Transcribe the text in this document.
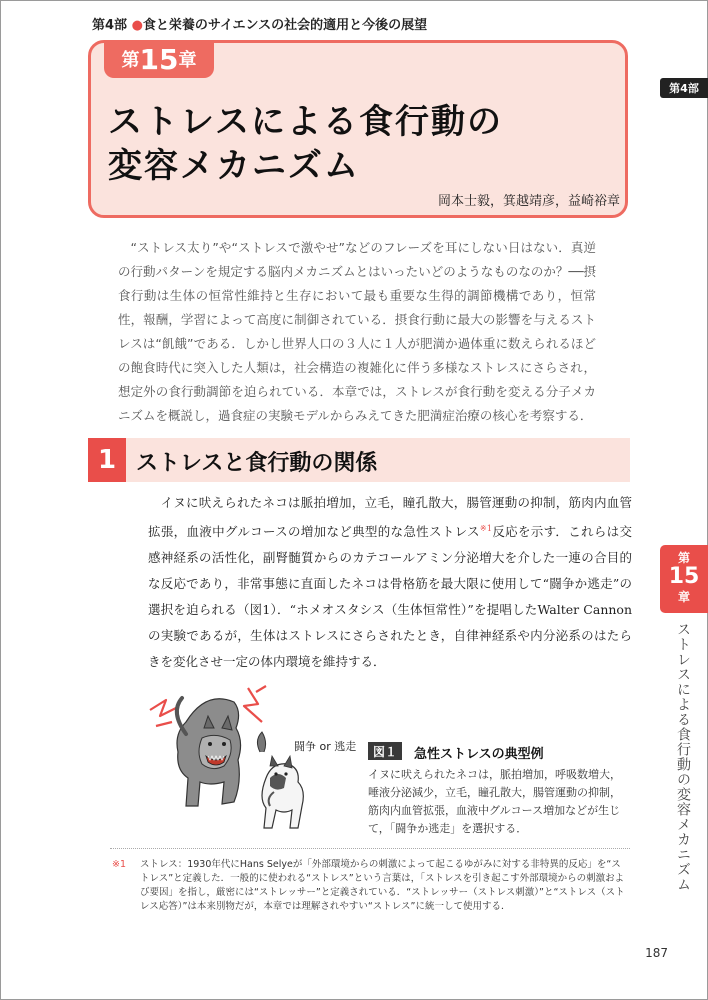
第4部 ●食と栄養のサイエンスの社会的適用と今後の展望
第 15 章
ストレスによる食行動の
変容メカニズム
岡本士毅，箕越靖彦，益崎裕章
第4部
第
15
章
ストレスによる食行動の変容メカニズム

“ストレス太り”や“ストレスで激やせ”などのフレーズを耳にしない日はない．真逆の行動パターンを規定する脳内メカニズムとはいったいどのようなものなのか？──摂食行動は生体の恒常性維持と生存において最も重要な生得的調節機構であり，恒常性，報酬，学習によって高度に制御されている．摂食行動に最大の影響を与えるストレスは“飢餓”である．しかし世界人口の３人に１人が肥満か過体重に数えられるほどの飽食時代に突入した人類は，社会構造の複雑化に伴う多様なストレスにさらされ，想定外の食行動調節を迫られている．本章では，ストレスが食行動を変える分子メカニズムを概説し，過食症の実験モデルからみえてきた肥満症治療の核心を考察する．

1 ストレスと食行動の関係

イヌに吠えられたネコは脈拍増加，立毛，瞳孔散大，腸管運動の抑制，筋肉内血管拡張，血液中グルコースの増加など典型的な急性ストレス$^{※1}$反応を示す．これらは交感神経系の活性化，副腎髄質からのカテコールアミン分泌増大を介した一連の合目的な反応であり，非常事態に直面したネコは骨格筋を最大限に使用して“闘争か逃走”の選択を迫られる（図1）．“ホメオスタシス（生体恒常性）”を提唱したWalter Cannonの実験であるが，生体はストレスにさらされたとき，自律神経系や内分泌系のはたらきを変化させ一定の体内環境を維持する．

闘争 or 逃走	図１	急性ストレスの典型例
イヌに吠えられたネコは，脈拍増加，呼吸数増大，唾液分泌減少，立毛，瞳孔散大，腸管運動の抑制，筋肉内血管拡張，血液中グルコース増加などが生じて，「闘争か逃走」を選択する．
※1 ストレス：1930年代にHans Selyeが「外部環境からの刺激によって起こるゆがみに対する非特異的反応」を“ストレス”と定義した．一般的に使われる“ストレス”という言葉は，「ストレスを引き起こす外部環境からの刺激および要因」を指し，厳密には“ストレッサー”と定義されている．“ストレッサー（ストレス刺激）”と“ストレス（ストレス応答）”は本来別物だが，本章では理解されやすい“ストレス”に統一して使用する．
187
